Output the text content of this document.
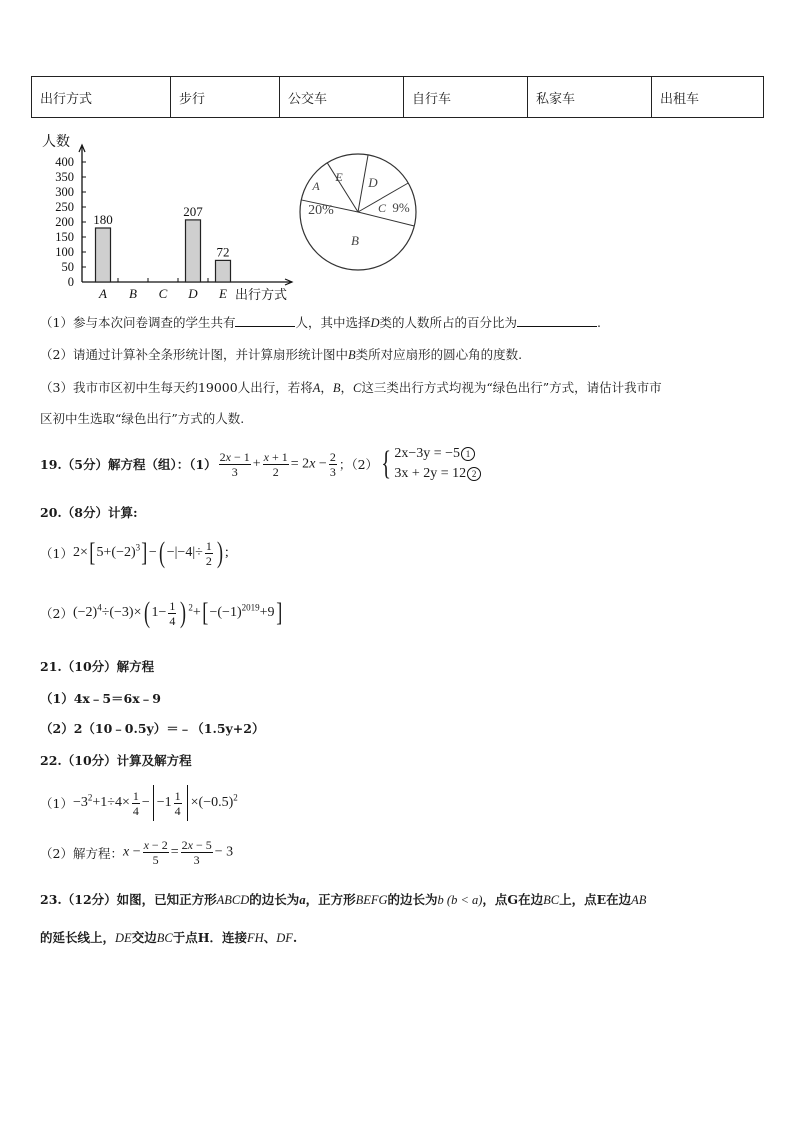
出行方式	步行	公交车	自行车	私家车	出租车
人数
0
50
100
150
200
250
300
350
400
A
180
B C D
207
E
72
出行方式
A
20%
E D
C 9%
B
（1）参与本次问卷调查的学生共有	人，其中选择D类的人数所占的百分比为	.
（2）请通过计算补全条形统计图，并计算扇形统计图中B类所对应扇形的圆心角的度数.
（3）我市市区初中生每天约19000人出行，若将A，B，C这三类出行方式均视为“绿色出行”方式，请估计我市市
区初中生选取“绿色出行”方式的人数.
19.（5分）解方程（组）：$(1) \frac{2x - 1}{3} + \frac{x + 1}{2} = 2x - \frac{2}{3}$ ；（2） { 2x−3y = −5 1
3x + 2y = 12 2
20.（8分）计算:
（1） $2\times[5+(-2)^3]-( -|-4|\div \frac{1}{2}$ ) ;
（2） $(-2)^4\div(-3)\times$( $1- \frac{1}{4}$ ) $^2+[-(-1)^{2019}+9]$
21.（10分）解方程
（1）4x﹣5＝6x﹣9
（2）2（10﹣0.5y）＝﹣（1.5y+2）
22.（10分）计算及解方程
$(1) -3^2+1\div 4\times \frac{1}{4} - -1 \frac{1}{4} \times(-0.5)^2$
（2）解方程： $x - \frac{x - 2}{5} = \frac{2x - 5}{3} - 3$
23.（12分）如图，已知正方形ABCD的边长为a，正方形BEFG的边长为b (b < a)，点G在边BC上，点E在边AB
的延长线上，DE交边BC于点H．连接FH、DF.
